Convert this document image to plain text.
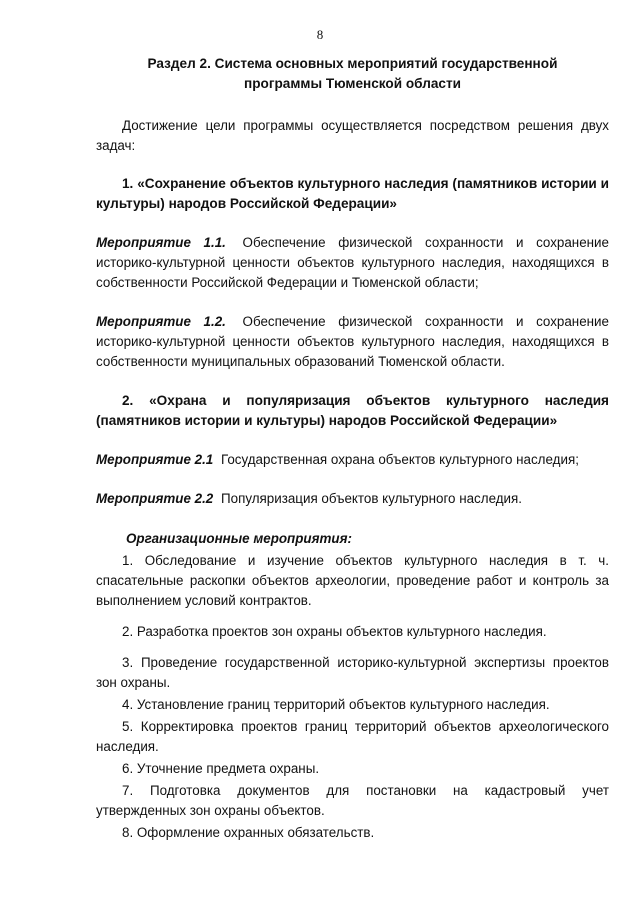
8
Раздел 2. Система основных мероприятий государственной
программы Тюменской области

Достижение цели программы осуществляется посредством решения двух задач:

1. «Сохранение объектов культурного наследия (памятников истории и культуры) народов Российской Федерации»

Мероприятие 1.1. Обеспечение физической сохранности и сохранение историко-культурной ценности объектов культурного наследия, находящихся в собственности Российской Федерации и Тюменской области;

Мероприятие 1.2. Обеспечение физической сохранности и сохранение историко-культурной ценности объектов культурного наследия, находящихся в собственности муниципальных образований Тюменской области.

2. «Охрана и популяризация объектов культурного наследия (памятников истории и культуры) народов Российской Федерации»

Мероприятие 2.1 Государственная охрана объектов культурного наследия;

Мероприятие 2.2 Популяризация объектов культурного наследия.

Организационные мероприятия:

1. Обследование и изучение объектов культурного наследия в т. ч. спасательные раскопки объектов археологии, проведение работ и контроль за выполнением условий контрактов.

2. Разработка проектов зон охраны объектов культурного наследия.

3. Проведение государственной историко-культурной экспертизы проектов зон охраны.

4. Установление границ территорий объектов культурного наследия.

5. Корректировка проектов границ территорий объектов археологического наследия.

6. Уточнение предмета охраны.

7. Подготовка документов для постановки на кадастровый учет утвержденных зон охраны объектов.

8. Оформление охранных обязательств.
